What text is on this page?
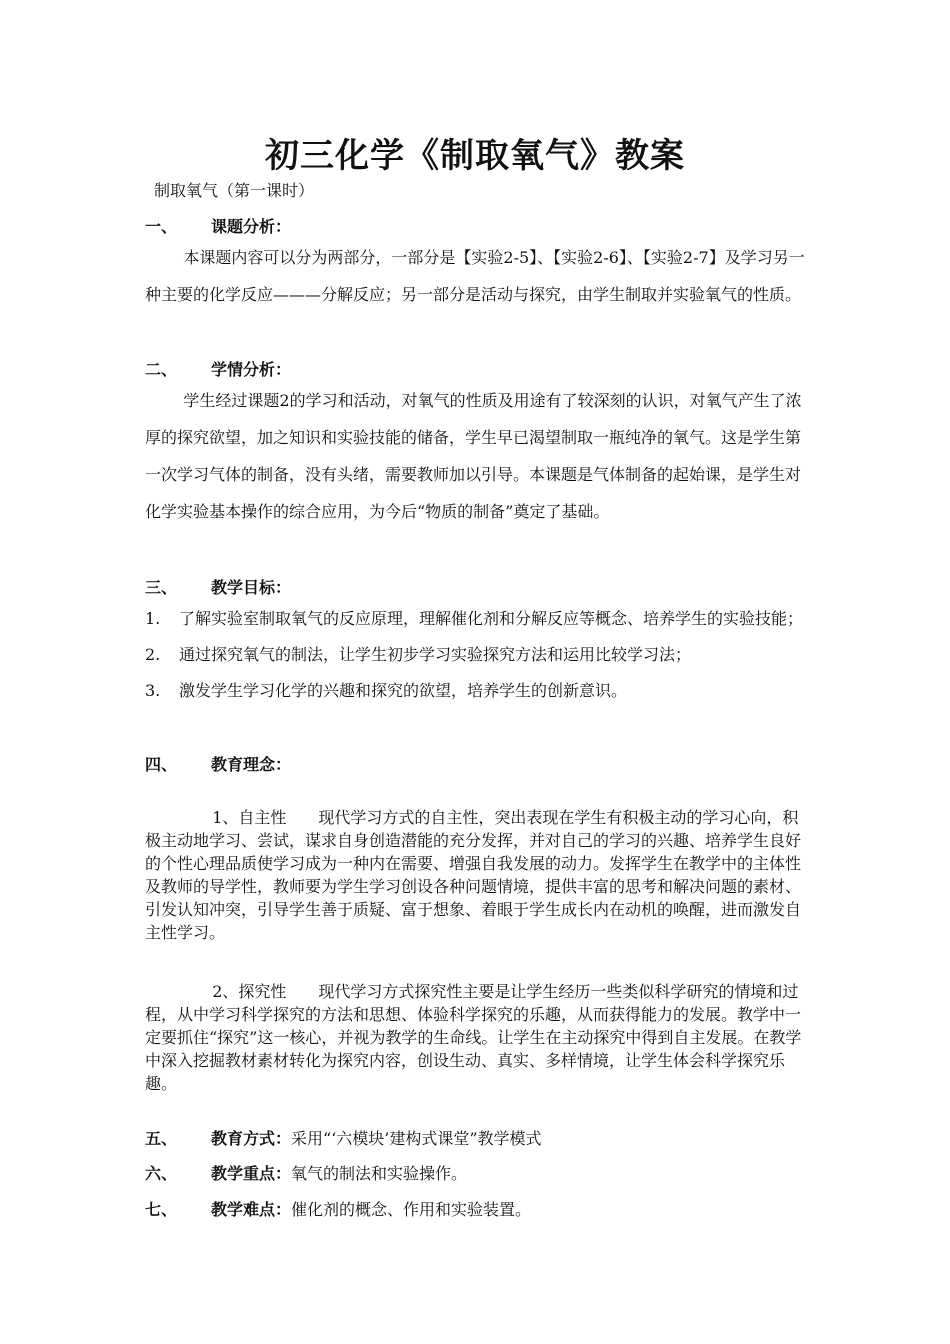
初三化学《制取氧气》教案
制取氧气（第一课时）
一、 课题分析：
本课题内容可以分为两部分，一部分是【实验2-5】、【实验2-6】、【实验2-7】及学习另一种主要的化学反应———分解反应；另一部分是活动与探究，由学生制取并实验氧气的性质。
二、 学情分析：
学生经过课题2的学习和活动，对氧气的性质及用途有了较深刻的认识，对氧气产生了浓厚的探究欲望，加之知识和实验技能的储备，学生早已渴望制取一瓶纯净的氧气。这是学生第一次学习气体的制备，没有头绪，需要教师加以引导。本课题是气体制备的起始课，是学生对化学实验基本操作的综合应用，为今后“物质的制备”奠定了基础。
三、 教学目标：
1. 了解实验室制取氧气的反应原理，理解催化剂和分解反应等概念、培养学生的实验技能；
2. 通过探究氧气的制法，让学生初步学习实验探究方法和运用比较学习法；
3. 激发学生学习化学的兴趣和探究的欲望，培养学生的创新意识。
四、 教育理念：
1、自主性　　现代学习方式的自主性，突出表现在学生有积极主动的学习心向，积极主动地学习、尝试，谋求自身创造潜能的充分发挥，并对自己的学习的兴趣、培养学生良好的个性心理品质使学习成为一种内在需要、增强自我发展的动力。发挥学生在教学中的主体性及教师的导学性，教师要为学生学习创设各种问题情境，提供丰富的思考和解决问题的素材、引发认知冲突，引导学生善于质疑、富于想象、着眼于学生成长内在动机的唤醒，进而激发自主性学习。
2、探究性　　现代学习方式探究性主要是让学生经历一些类似科学研究的情境和过程，从中学习科学探究的方法和思想、体验科学探究的乐趣，从而获得能力的发展。教学中一定要抓住“探究”这一核心，并视为教学的生命线。让学生在主动探究中得到自主发展。在教学中深入挖掘教材素材转化为探究内容，创设生动、真实、多样情境，让学生体会科学探究乐趣。
五、 教育方式：采用“‘六模块’建构式课堂”教学模式
六、 教学重点：氧气的制法和实验操作。
七、 教学难点：催化剂的概念、作用和实验装置。
